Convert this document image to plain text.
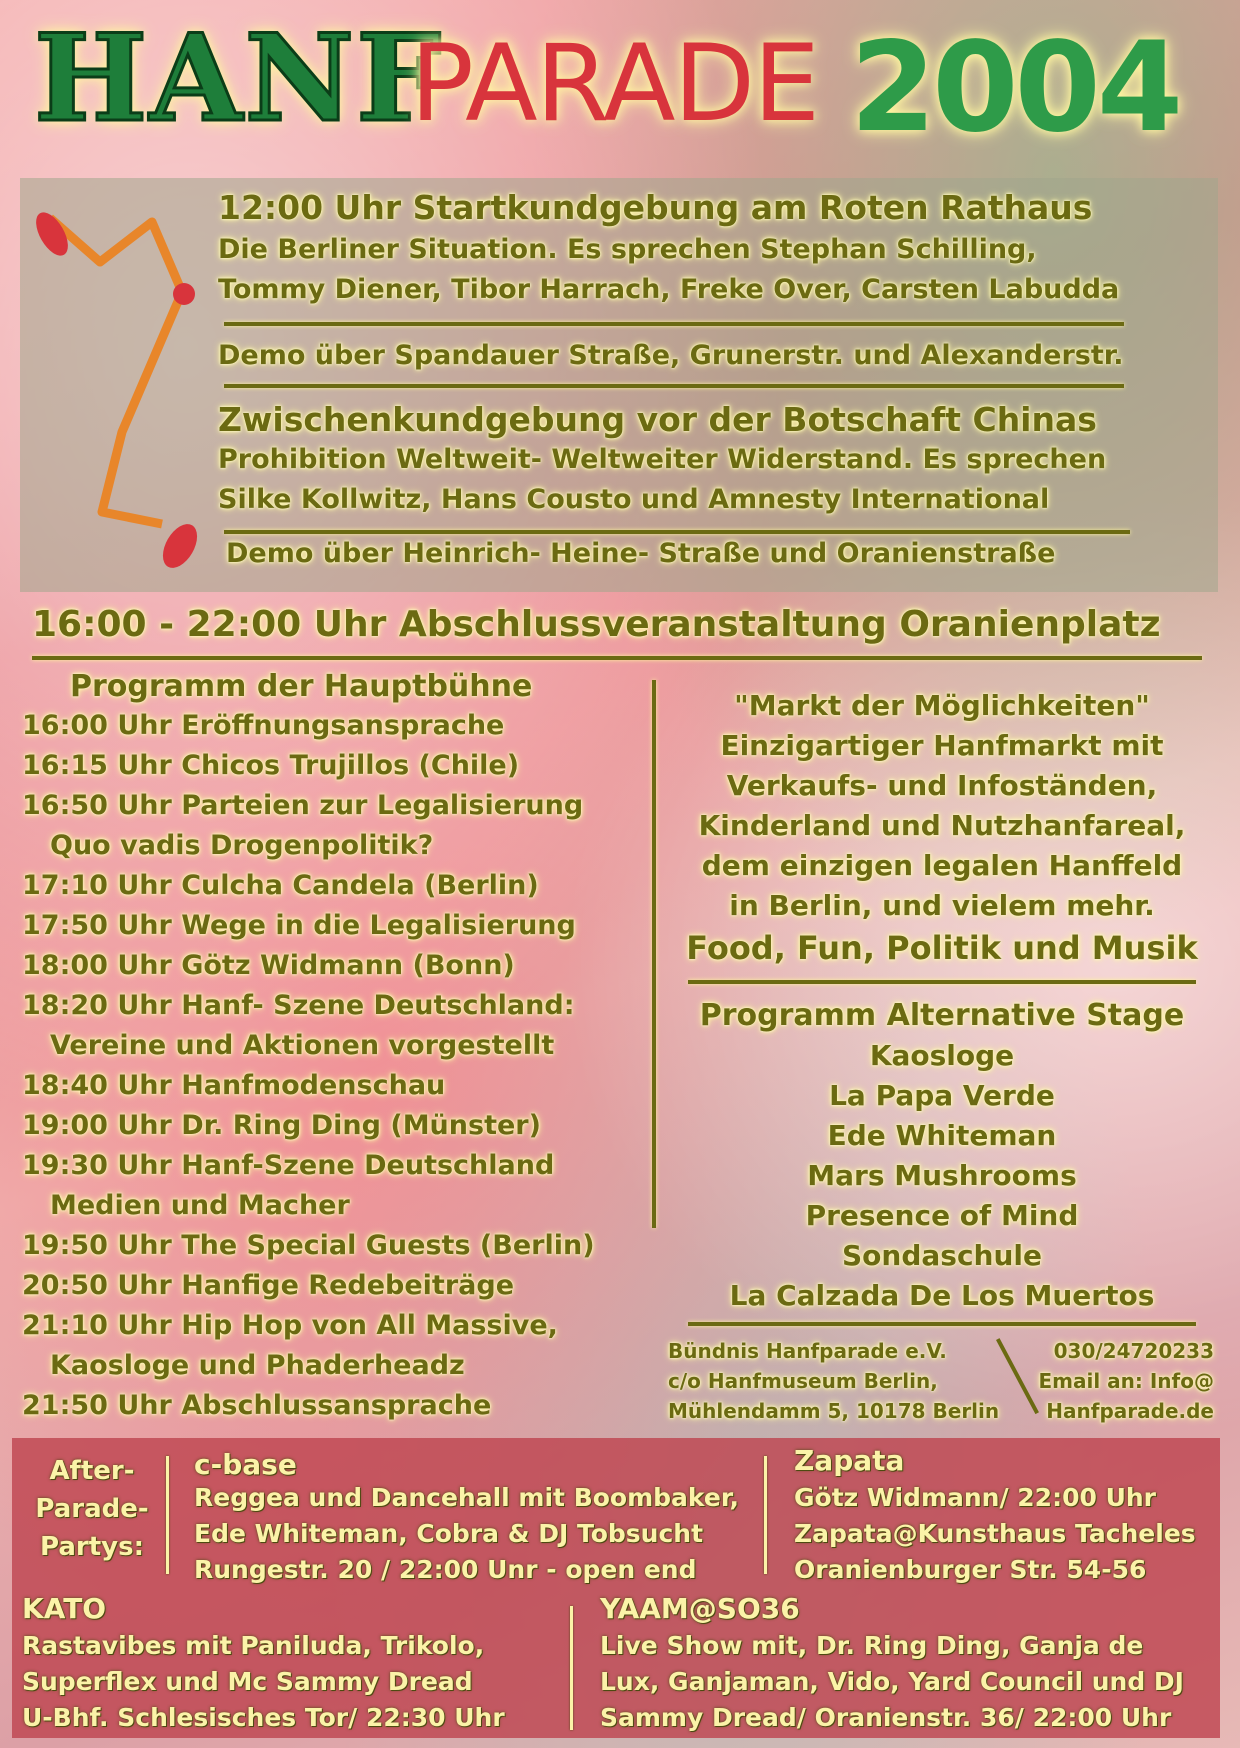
HANF
PARADE 2004
12:00 Uhr Startkundgebung am Roten Rathaus
Die Berliner Situation. Es sprechen Stephan Schilling,
Tommy Diener, Tibor Harrach, Freke Over, Carsten Labudda
Demo über Spandauer Straße, Grunerstr. und Alexanderstr.
Zwischenkundgebung vor der Botschaft Chinas
Prohibition Weltweit- Weltweiter Widerstand. Es sprechen
Silke Kollwitz, Hans Cousto und Amnesty International
Demo über Heinrich- Heine- Straße und Oranienstraße
16:00 - 22:00 Uhr Abschlussveranstaltung Oranienplatz
Programm der Hauptbühne
16:00 Uhr Eröffnungsansprache
16:15 Uhr Chicos Trujillos (Chile)
16:50 Uhr Parteien zur Legalisierung
Quo vadis Drogenpolitik?
17:10 Uhr Culcha Candela (Berlin)
17:50 Uhr Wege in die Legalisierung
18:00 Uhr Götz Widmann (Bonn)
18:20 Uhr Hanf- Szene Deutschland:
Vereine und Aktionen vorgestellt
18:40 Uhr Hanfmodenschau
19:00 Uhr Dr. Ring Ding (Münster)
19:30 Uhr Hanf-Szene Deutschland
Medien und Macher
19:50 Uhr The Special Guests (Berlin)
20:50 Uhr Hanfige Redebeiträge
21:10 Uhr Hip Hop von All Massive,
Kaosloge und Phaderheadz
21:50 Uhr Abschlussansprache
"Markt der Möglichkeiten"
Einzigartiger Hanfmarkt mit
Verkaufs- und Infoständen,
Kinderland und Nutzhanfareal,
dem einzigen legalen Hanffeld
in Berlin, und vielem mehr.
Food, Fun, Politik und Musik
Programm Alternative Stage
Kaosloge
La Papa Verde
Ede Whiteman
Mars Mushrooms
Presence of Mind
Sondaschule
La Calzada De Los Muertos
Bündnis Hanfparade e.V.
c/o Hanfmuseum Berlin,
Mühlendamm 5, 10178 Berlin
030/24720233
Email an: Info@
Hanfparade.de
After-
Parade-
Partys:
c-base
Reggea und Dancehall mit Boombaker,
Ede Whiteman, Cobra & DJ Tobsucht
Rungestr. 20 / 22:00 Unr - open end
Zapata
Götz Widmann/ 22:00 Uhr
Zapata@Kunsthaus Tacheles
Oranienburger Str. 54-56
KATO
Rastavibes mit Paniluda, Trikolo,
Superflex und Mc Sammy Dread
U-Bhf. Schlesisches Tor/ 22:30 Uhr
YAAM@SO36
Live Show mit, Dr. Ring Ding, Ganja de
Lux, Ganjaman, Vido, Yard Council und DJ
Sammy Dread/ Oranienstr. 36/ 22:00 Uhr
